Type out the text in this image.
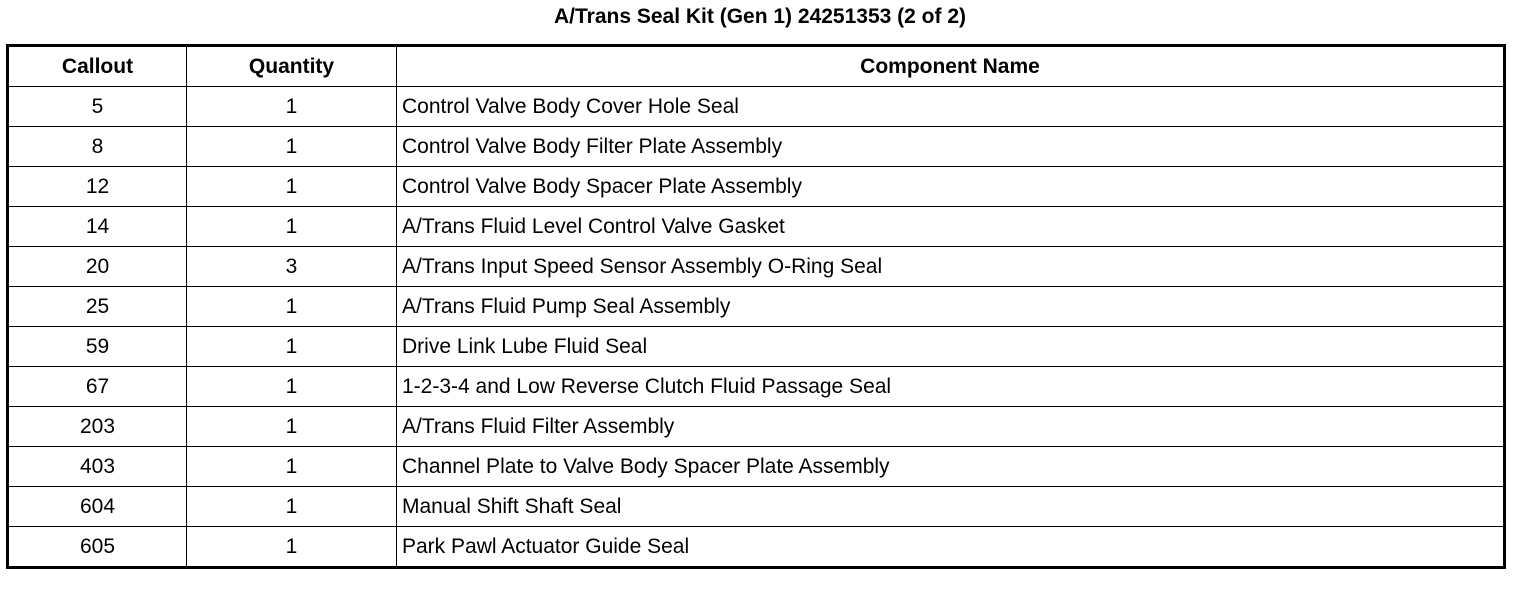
A/Trans Seal Kit (Gen 1) 24251353 (2 of 2)
Callout	Quantity	Component Name
5	1	Control Valve Body Cover Hole Seal
8	1	Control Valve Body Filter Plate Assembly
12	1	Control Valve Body Spacer Plate Assembly
14	1	A/Trans Fluid Level Control Valve Gasket
20	3	A/Trans Input Speed Sensor Assembly O-Ring Seal
25	1	A/Trans Fluid Pump Seal Assembly
59	1	Drive Link Lube Fluid Seal
67	1	1-2-3-4 and Low Reverse Clutch Fluid Passage Seal
203	1	A/Trans Fluid Filter Assembly
403	1	Channel Plate to Valve Body Spacer Plate Assembly
604	1	Manual Shift Shaft Seal
605	1	Park Pawl Actuator Guide Seal
